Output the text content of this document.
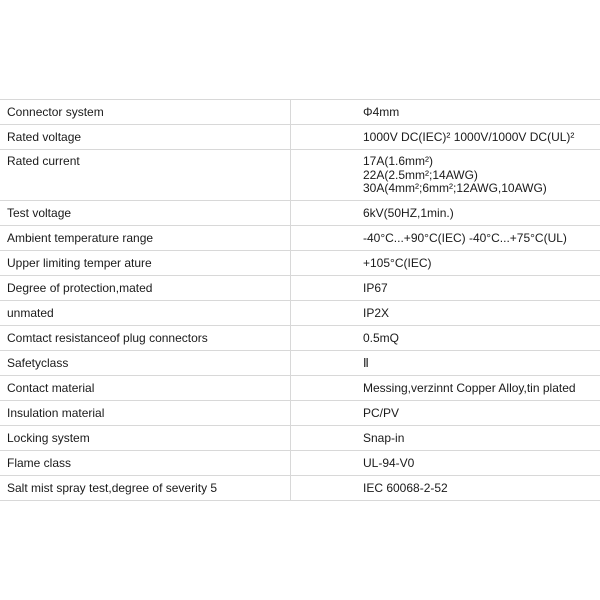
Connector system	Φ4mm

Rated voltage	1000V DC(IEC)² 1000V/1000V DC(UL)²

Rated current	17A(1.6mm²)
22A(2.5mm²;14AWG)
30A(4mm²;6mm²;12AWG,10AWG)

Test voltage	6kV(50HZ,1min.)

Ambient temperature range	-40°C...+90°C(IEC) -40°C...+75°C(UL)

Upper limiting temper ature	+105°C(IEC)

Degree of protection,mated	IP67

unmated	IP2X

Comtact resistanceof plug connectors	0.5mQ

Safetyclass	Ⅱ

Contact material	Messing,verzinnt Copper Alloy,tin plated

Insulation material	PC/PV

Locking system	Snap-in

Flame class	UL-94-V0

Salt mist spray test,degree of severity 5	IEC 60068-2-52
